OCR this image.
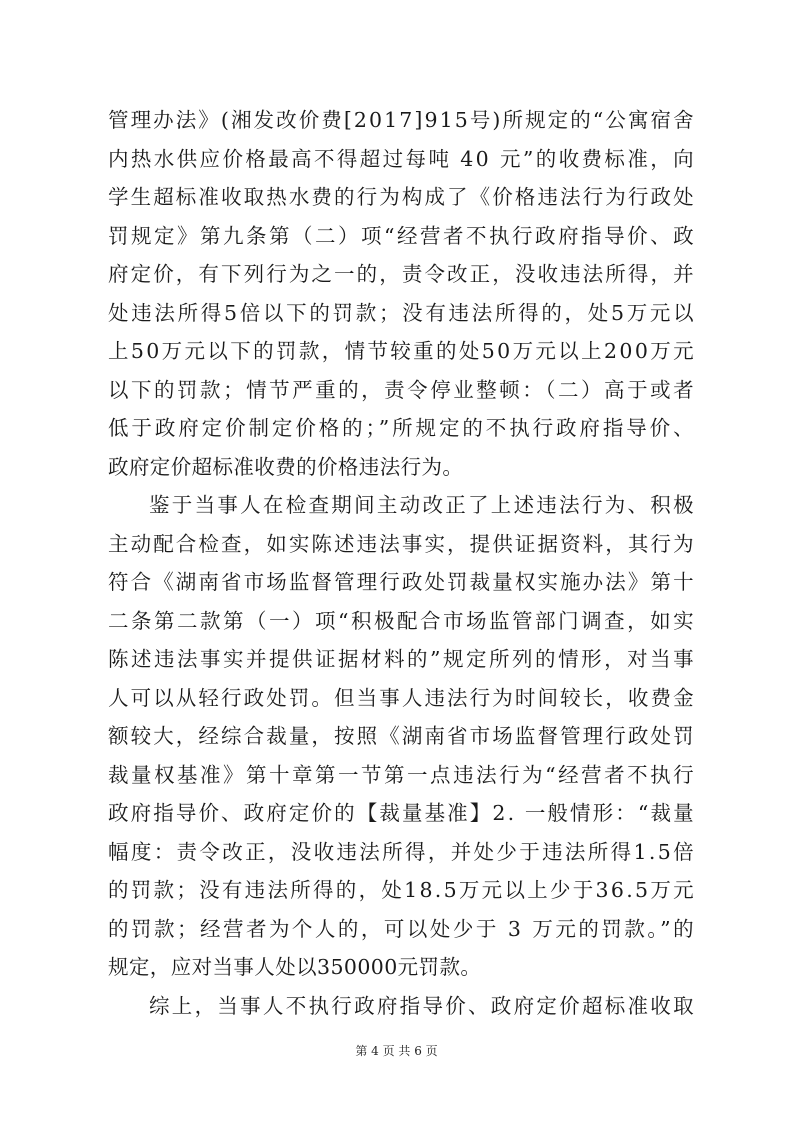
管理办法》(湘发改价费[2017]915号)所规定的“公寓宿舍
内热水供应价格最高不得超过每吨 40 元”的收费标准，向
学生超标准收取热水费的行为构成了《价格违法行为行政处
罚规定》第九条第（二）项“经营者不执行政府指导价、政
府定价，有下列行为之一的，责令改正，没收违法所得，并
处违法所得5倍以下的罚款；没有违法所得的，处5万元以
上50万元以下的罚款，情节较重的处50万元以上200万元
以下的罚款；情节严重的，责令停业整顿：（二）高于或者
低于政府定价制定价格的；”所规定的不执行政府指导价、
政府定价超标准收费的价格违法行为。
鉴于当事人在检查期间主动改正了上述违法行为、积极
主动配合检查，如实陈述违法事实，提供证据资料，其行为
符合《湖南省市场监督管理行政处罚裁量权实施办法》第十
二条第二款第（一）项“积极配合市场监管部门调查，如实
陈述违法事实并提供证据材料的”规定所列的情形，对当事
人可以从轻行政处罚。但当事人违法行为时间较长，收费金
额较大，经综合裁量，按照《湖南省市场监督管理行政处罚
裁量权基准》第十章第一节第一点违法行为“经营者不执行
政府指导价、政府定价的【裁量基准】2. 一般情形：“裁量
幅度：责令改正，没收违法所得，并处少于违法所得1.5倍
的罚款；没有违法所得的，处18.5万元以上少于36.5万元
的罚款；经营者为个人的，可以处少于 3 万元的罚款。”的
规定，应对当事人处以350000元罚款。
综上，当事人不执行政府指导价、政府定价超标准收取
第 4 页 共 6 页
